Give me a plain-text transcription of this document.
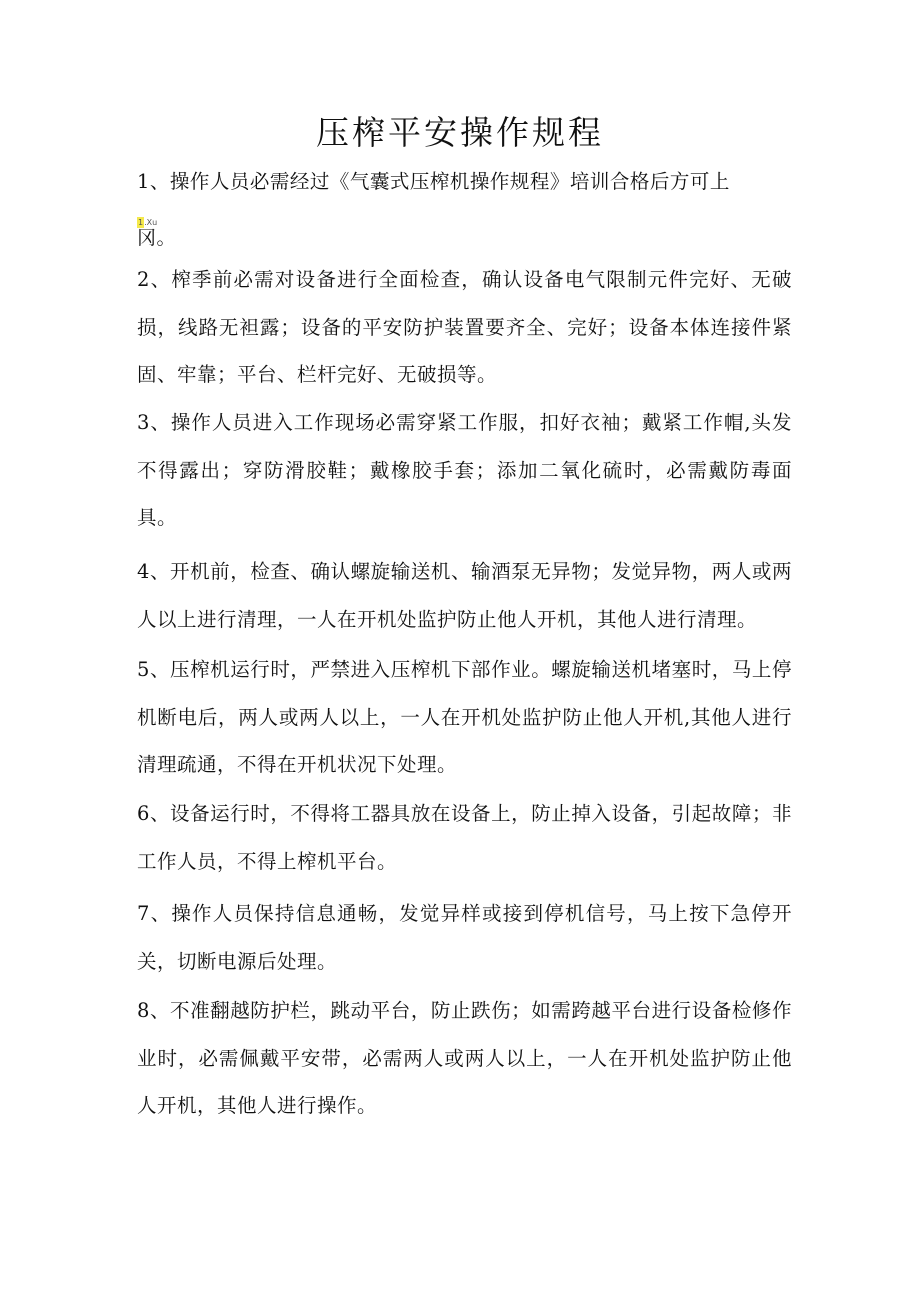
压榨平安操作规程

1、操作人员必需经过《气囊式压榨机操作规程》培训合格后方可上

1.Xu

冈。

2、榨季前必需对设备进行全面检查，确认设备电气限制元件完好、无破损，线路无袒露；设备的平安防护装置要齐全、完好；设备本体连接件紧固、牢靠；平台、栏杆完好、无破损等。

3、操作人员进入工作现场必需穿紧工作服，扣好衣袖；戴紧工作帽,头发不得露出；穿防滑胶鞋；戴橡胶手套；添加二氧化硫时，必需戴防毒面具。

4、开机前，检查、确认螺旋输送机、输酒泵无异物；发觉异物，两人或两人以上进行清理，一人在开机处监护防止他人开机，其他人进行清理。

5、压榨机运行时，严禁进入压榨机下部作业。螺旋输送机堵塞时，马上停机断电后，两人或两人以上，一人在开机处监护防止他人开机,其他人进行清理疏通，不得在开机状况下处理。

6、设备运行时，不得将工器具放在设备上，防止掉入设备，引起故障；非工作人员，不得上榨机平台。

7、操作人员保持信息通畅，发觉异样或接到停机信号，马上按下急停开关，切断电源后处理。

8、不准翻越防护栏，跳动平台，防止跌伤；如需跨越平台进行设备检修作业时，必需佩戴平安带，必需两人或两人以上，一人在开机处监护防止他人开机，其他人进行操作。
